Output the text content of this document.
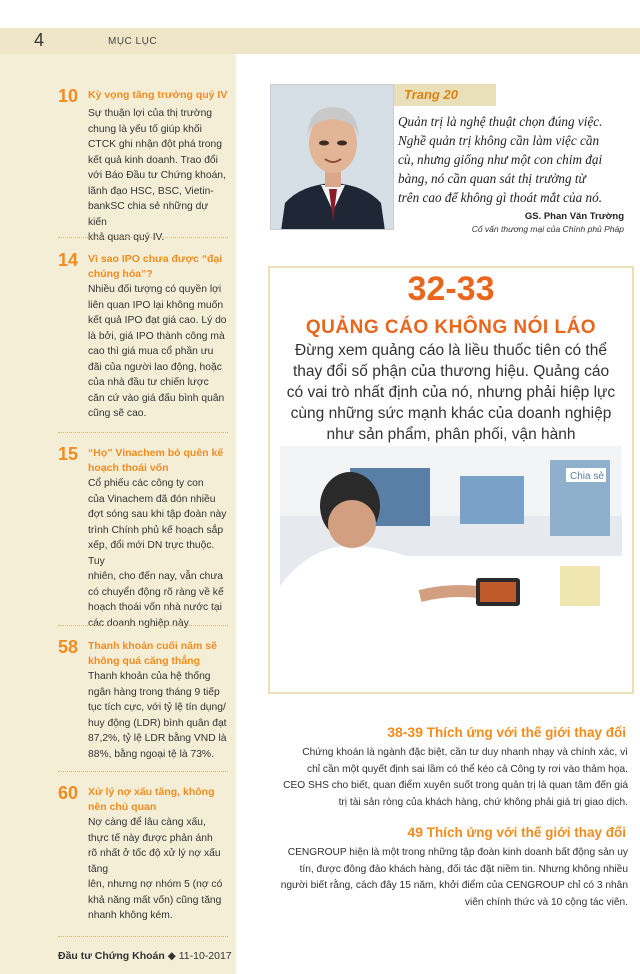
4	MỤC LỤC
10 Kỳ vọng tăng trưởng quý IV
Sự thuận lợi của thị trường
chung là yếu tố giúp khối
CTCK ghi nhận đột phá trong
kết quả kinh doanh. Trao đổi
với Báo Đầu tư Chứng khoán,
lãnh đạo HSC, BSC, Vietin-
bankSC chia sẻ những dự kiến
khả quan quý IV.
14 Vì sao IPO chưa được “đại
chúng hóa”?
Nhiều đối tượng có quyền lợi
liên quan IPO lại không muốn
kết quả IPO đạt giá cao. Lý do
là bởi, giá IPO thành công mà
cao thì giá mua cổ phần ưu
đãi của người lao động, hoặc
của nhà đầu tư chiến lược
căn cứ vào giá đấu bình quân
cũng sẽ cao.
15 “Họ” Vinachem bỏ quên kế
hoạch thoái vốn
Cổ phiếu các công ty con
của Vinachem đã đón nhiều
đợt sóng sau khi tập đoàn này
trình Chính phủ kế hoạch sắp
xếp, đổi mới DN trực thuộc. Tuy
nhiên, cho đến nay, vẫn chưa
có chuyển động rõ ràng về kế
hoạch thoái vốn nhà nước tại
các doanh nghiệp này.
58 Thanh khoản cuối năm sẽ
không quá căng thẳng
Thanh khoản của hệ thống
ngân hàng trong tháng 9 tiếp
tục tích cực, với tỷ lệ tín dụng/
huy động (LDR) bình quân đạt
87,2%, tỷ lệ LDR bằng VND là
88%, bằng ngoại tệ là 73%.
60 Xử lý nợ xấu tăng, không
nên chủ quan
Nợ càng để lâu càng xấu,
thực tế này được phản ánh
rõ nhất ở tốc độ xử lý nợ xấu tăng
lên, nhưng nợ nhóm 5 (nợ có
khả năng mất vốn) cũng tăng
nhanh không kém.
Đầu tư Chứng Khoán ◆ 11-10-2017
Trang 20
Quản trị là nghệ thuật chọn đúng việc.
Nghề quản trị không cần làm việc cần
cù, nhưng giống như một con chim đại
bàng, nó cần quan sát thị trường từ
trên cao để không gì thoát mắt của nó.
GS. Phan Văn Trường
Cố vấn thương mại của Chính phủ Pháp
32-33
QUẢNG CÁO KHÔNG NÓI LÁO
Đừng xem quảng cáo là liều thuốc tiên có thể
thay đổi số phận của thương hiệu. Quảng cáo
có vai trò nhất định của nó, nhưng phải hiệp lực
cùng những sức mạnh khác của doanh nghiệp
như sản phẩm, phân phối, vận hành
Chia sẻ
38-39 Thích ứng với thế giới thay đổi
Chứng khoán là ngành đặc biệt, cần tư duy nhanh nhạy và chính xác, vì
chỉ cần một quyết định sai lầm có thể kéo cả Công ty rơi vào thảm họa.
CEO SHS cho biết, quan điểm xuyên suốt trong quản trị là quan tâm đến giá
trị tài sản ròng của khách hàng, chứ không phải giá trị giao dịch.
49 Thích ứng với thế giới thay đổi
CENGROUP hiện là một trong những tập đoàn kinh doanh bất động sản uy
tín, được đông đảo khách hàng, đối tác đặt niềm tin. Nhưng không nhiều
người biết rằng, cách đây 15 năm, khởi điểm của CENGROUP chỉ có 3 nhân
viên chính thức và 10 cộng tác viên.
